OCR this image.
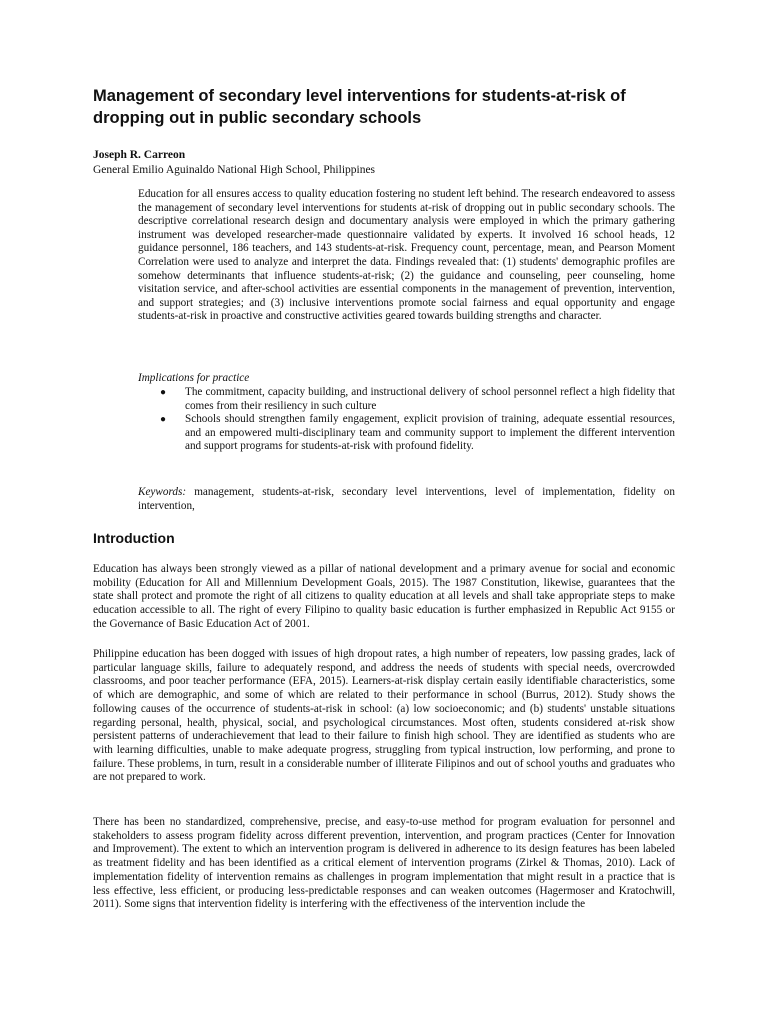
Management of secondary level interventions for students-at-risk of dropping out in public secondary schools

Joseph R. Carreon

General Emilio Aguinaldo National High School, Philippines

Education for all ensures access to quality education fostering no student left behind. The research endeavored to assess the management of secondary level interventions for students at-risk of dropping out in public secondary schools. The descriptive correlational research design and documentary analysis were employed in which the primary gathering instrument was developed researcher-made questionnaire validated by experts. It involved 16 school heads, 12 guidance personnel, 186 teachers, and 143 students-at-risk. Frequency count, percentage, mean, and Pearson Moment Correlation were used to analyze and interpret the data. Findings revealed that: (1) students' demographic profiles are somehow determinants that influence students-at-risk; (2) the guidance and counseling, peer counseling, home visitation service, and after-school activities are essential components in the management of prevention, intervention, and support strategies; and (3) inclusive interventions promote social fairness and equal opportunity and engage students-at-risk in proactive and constructive activities geared towards building strengths and character.

Implications for practice

● The commitment, capacity building, and instructional delivery of school personnel reflect a high fidelity that comes from their resiliency in such culture
● Schools should strengthen family engagement, explicit provision of training, adequate essential resources, and an empowered multi-disciplinary team and community support to implement the different intervention and support programs for students-at-risk with profound fidelity.

Keywords: management, students-at-risk, secondary level interventions, level of implementation, fidelity on intervention,

Introduction

Education has always been strongly viewed as a pillar of national development and a primary avenue for social and economic mobility (Education for All and Millennium Development Goals, 2015). The 1987 Constitution, likewise, guarantees that the state shall protect and promote the right of all citizens to quality education at all levels and shall take appropriate steps to make education accessible to all. The right of every Filipino to quality basic education is further emphasized in Republic Act 9155 or the Governance of Basic Education Act of 2001.

Philippine education has been dogged with issues of high dropout rates, a high number of repeaters, low passing grades, lack of particular language skills, failure to adequately respond, and address the needs of students with special needs, overcrowded classrooms, and poor teacher performance (EFA, 2015). Learners-at-risk display certain easily identifiable characteristics, some of which are demographic, and some of which are related to their performance in school (Burrus, 2012). Study shows the following causes of the occurrence of students-at-risk in school: (a) low socioeconomic; and (b) students' unstable situations regarding personal, health, physical, social, and psychological circumstances. Most often, students considered at-risk show persistent patterns of underachievement that lead to their failure to finish high school. They are identified as students who are with learning difficulties, unable to make adequate progress, struggling from typical instruction, low performing, and prone to failure. These problems, in turn, result in a considerable number of illiterate Filipinos and out of school youths and graduates who are not prepared to work.

There has been no standardized, comprehensive, precise, and easy-to-use method for program evaluation for personnel and stakeholders to assess program fidelity across different prevention, intervention, and program practices (Center for Innovation and Improvement). The extent to which an intervention program is delivered in adherence to its design features has been labeled as treatment fidelity and has been identified as a critical element of intervention programs (Zirkel & Thomas, 2010). Lack of implementation fidelity of intervention remains as challenges in program implementation that might result in a practice that is less effective, less efficient, or producing less-predictable responses and can weaken outcomes (Hagermoser and Kratochwill, 2011). Some signs that intervention fidelity is interfering with the effectiveness of the intervention include the
